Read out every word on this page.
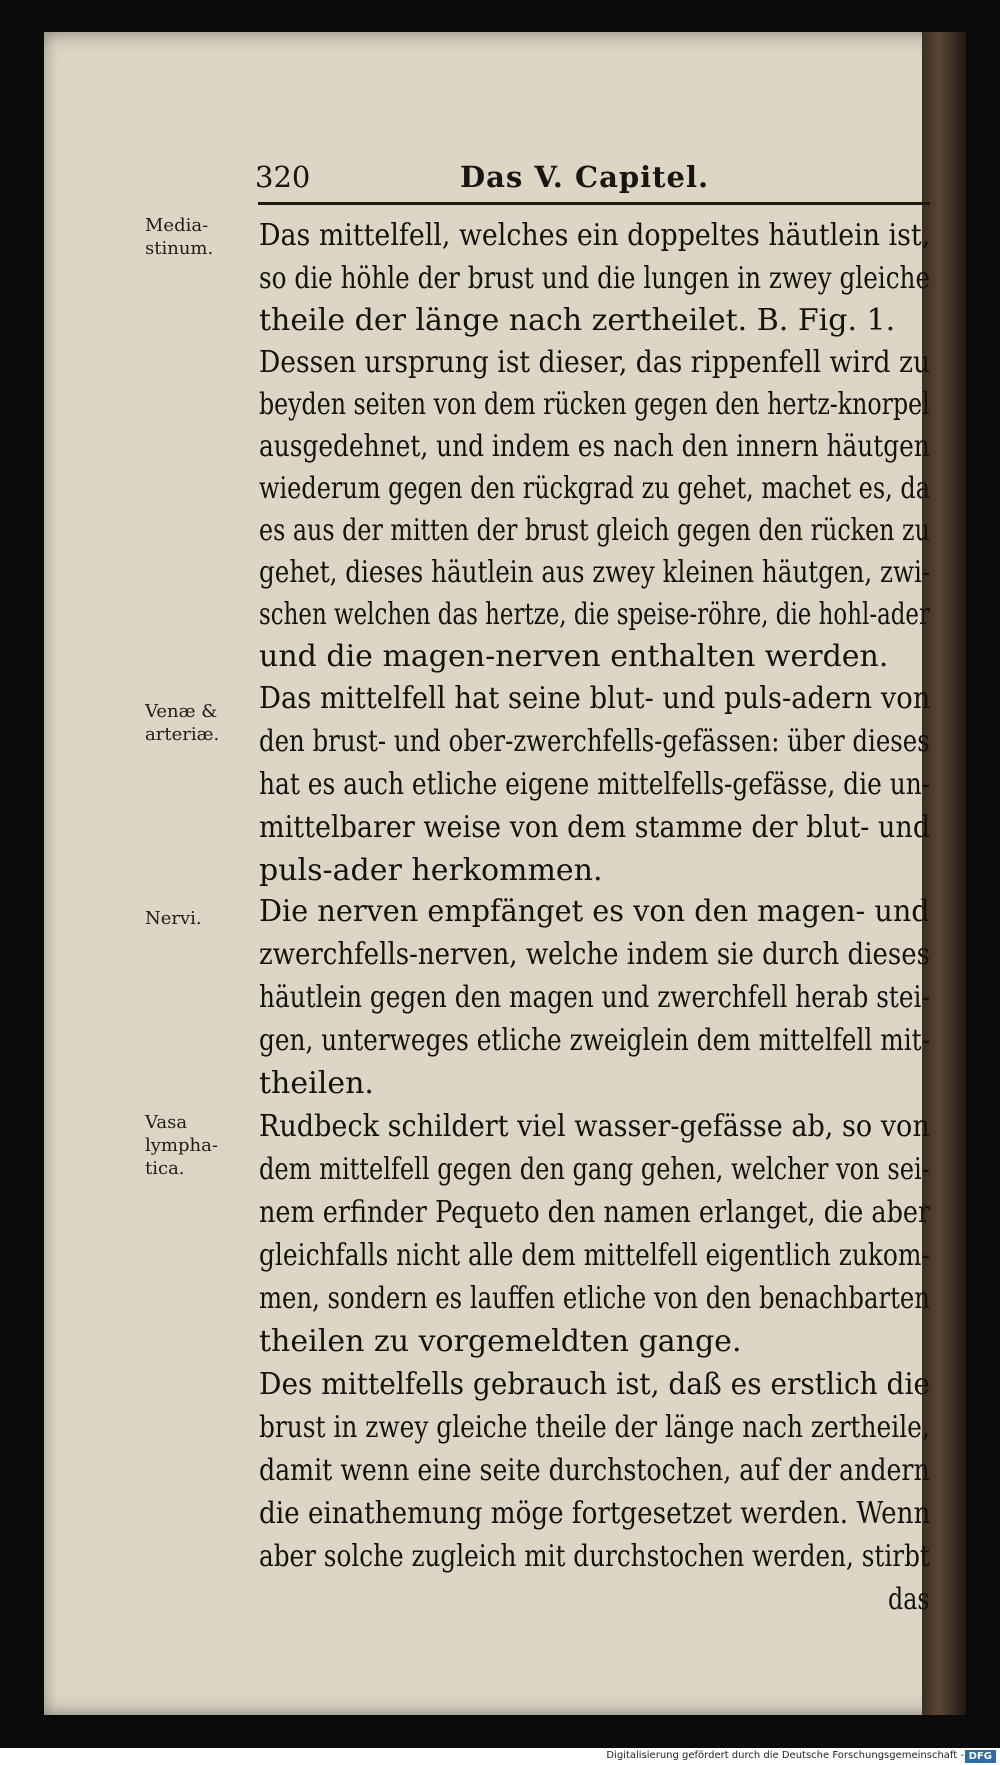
320	Das V. Capitel.
Media- stinum.
Venæ & arteriæ.
Nervi.
Vasa lympha- tica.
Das mittelfell, welches ein doppeltes häutlein ist,
so die höhle der brust und die lungen in zwey gleiche
theile der länge nach zertheilet. B. Fig. 1.
Dessen ursprung ist dieser, das rippenfell wird zu
beyden seiten von dem rücken gegen den hertz-knorpel
ausgedehnet, und indem es nach den innern häutgen
wiederum gegen den rückgrad zu gehet, machet es, da
es aus der mitten der brust gleich gegen den rücken zu
gehet, dieses häutlein aus zwey kleinen häutgen, zwi-
schen welchen das hertze, die speise-röhre, die hohl-ader
und die magen-nerven enthalten werden.
Das mittelfell hat seine blut- und puls-adern von
den brust- und ober-zwerchfells-gefässen: über dieses
hat es auch etliche eigene mittelfells-gefässe, die un-
mittelbarer weise von dem stamme der blut- und
puls-ader herkommen.
Die nerven empfänget es von den magen- und
zwerchfells-nerven, welche indem sie durch dieses
häutlein gegen den magen und zwerchfell herab stei-
gen, unterweges etliche zweiglein dem mittelfell mit-
theilen.
Rudbeck schildert viel wasser-gefässe ab, so von
dem mittelfell gegen den gang gehen, welcher von sei-
nem erfinder Pequeto den namen erlanget, die aber
gleichfalls nicht alle dem mittelfell eigentlich zukom-
men, sondern es lauffen etliche von den benachbarten
theilen zu vorgemeldten gange.
Des mittelfells gebrauch ist, daß es erstlich die
brust in zwey gleiche theile der länge nach zertheile,
damit wenn eine seite durchstochen, auf der andern
die einathemung möge fortgesetzet werden. Wenn
aber solche zugleich mit durchstochen werden, stirbt
das
Digitalisierung gefördert durch die Deutsche Forschungsgemeinschaft - DFG
